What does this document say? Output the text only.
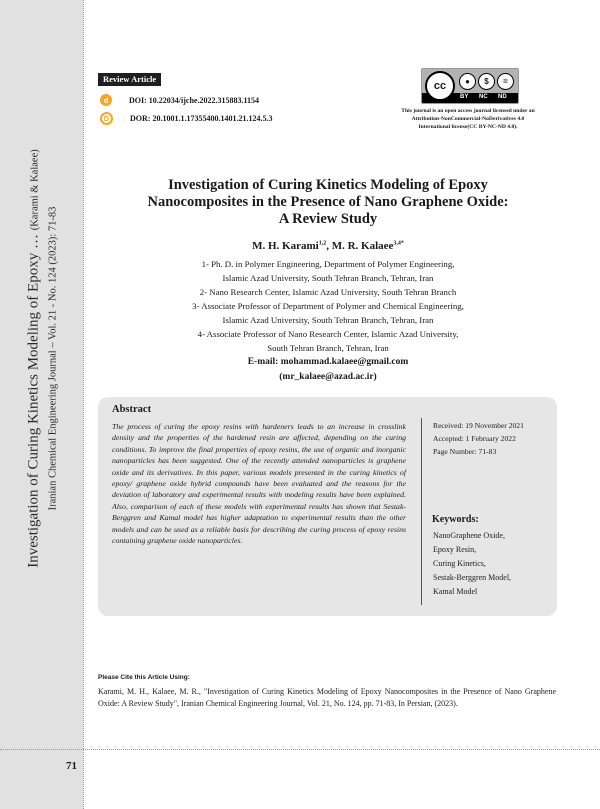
Investigation of Curing Kinetics Modeling of Epoxy … (Karami & Kalaee)
Iranian Chemical Engineering Journal – Vol. 21 - No. 124 (2023): 71-83
Review Article
d	DOI: 10.22034/ijche.2022.315883.1154
D	DOR: 20.1001.1.17355400.1401.21.124.5.3
cc	●	$	=
BY NC ND
This journal is an open access journal licensed under an
Attribution-NonCommercial-NoDerivatives 4.0
International license(CC BY-NC-ND 4.0).
Investigation of Curing Kinetics Modeling of Epoxy
Nanocomposites in the Presence of Nano Graphene Oxide:
A Review Study
M. H. Karami$^{1,2}$, M. R. Kalaee$^{3,4*}$
1- Ph. D. in Polymer Engineering, Department of Polymer Engineering,
Islamic Azad University, South Tehran Branch, Tehran, Iran
2- Nano Research Center, Islamic Azad University, South Tehran Branch
3- Associate Professor of Department of Polymer and Chemical Engineering,
Islamic Azad University, South Tehran Branch, Tehran, Iran
4- Associate Professor of Nano Research Center, Islamic Azad University,
South Tehran Branch, Tehran, Iran
E-mail: mohammad.kalaee@gmail.com
(mr_kalaee@azad.ac.ir)
Abstract
The process of curing the epoxy resins with hardeners leads to an increase in crosslink density and the properties of the hardened resin are affected, depending on the curing conditions. To improve the final properties of epoxy resins, the use of organic and inorganic nanoparticles has been suggested. One of the recently attended nanoparticles is graphene oxide and its derivatives. In this paper, various models presented in the curing kinetics of epoxy/ graphene oxide hybrid compounds have been evaluated and the reasons for the deviation of laboratory and experimental results with modeling results have been explained. Also, comparison of each of these models with experimental results has shown that Sestak-Berggren and Kamal model has higher adaptation to experimental results than the other models and can be used as a reliable basis for describing the curing process of epoxy resins containing graphene oxide nanoparticles.
Received: 19 November 2021
Accepted: 1 February 2022
Page Number: 71-83
Keywords:
NanoGraphene Oxide,
Epoxy Resin,
Curing Kinetics,
Sestak-Berggren Model,
Kamal Model
Please Cite this Article Using:
Karami, M. H., Kalaee, M. R., "Investigation of Curing Kinetics Modeling of Epoxy Nanocomposites in the Presence of Nano Graphene Oxide: A Review Study", Iranian Chemical Engineering Journal, Vol. 21, No. 124, pp. 71-83, In Persian, (2023).
71
